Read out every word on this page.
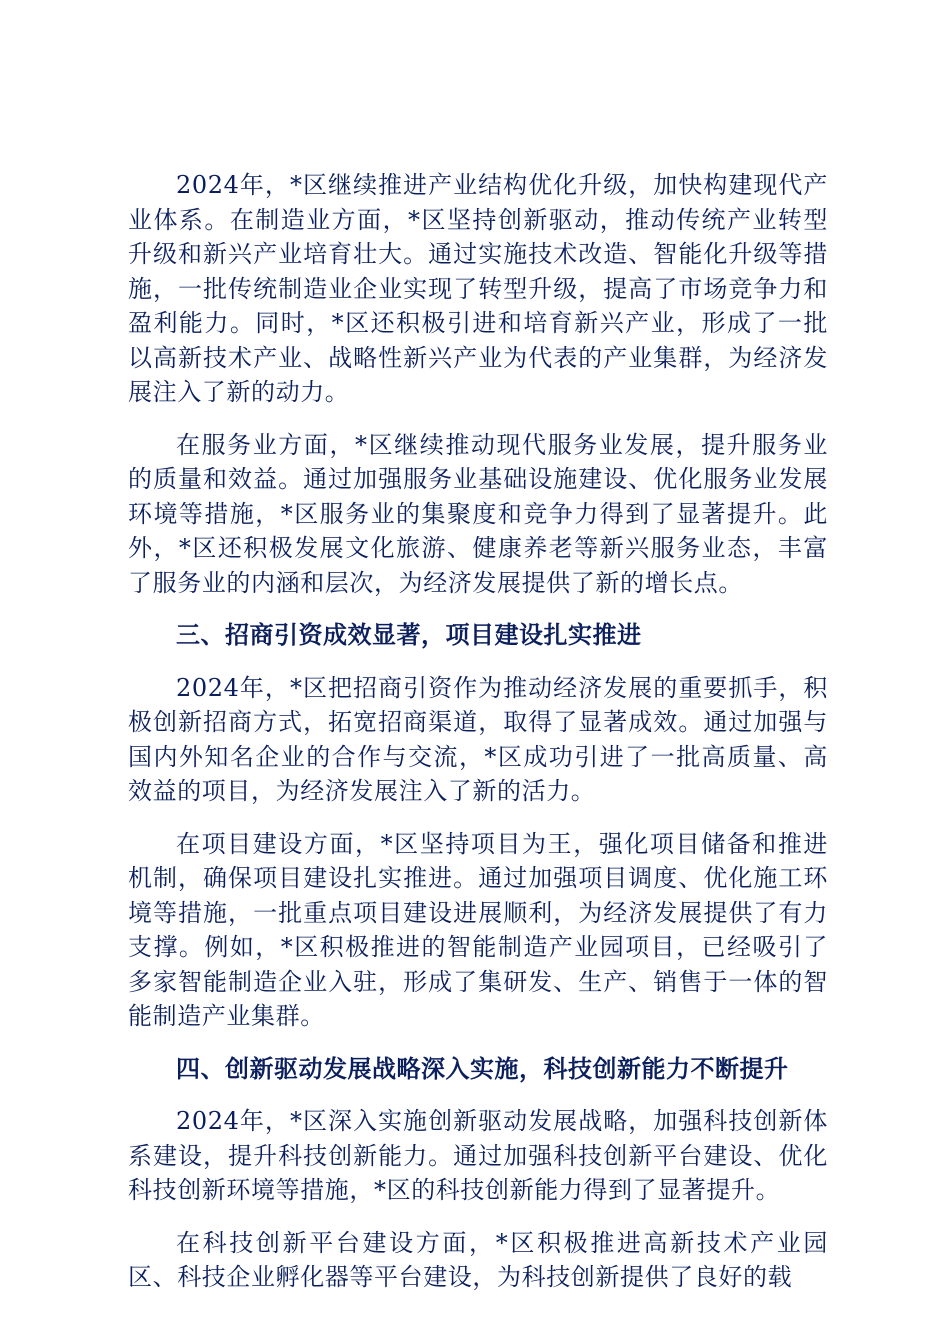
2024年，*区继续推进产业结构优化升级，加快构建现代产业体系。在制造业方面，*区坚持创新驱动，推动传统产业转型升级和新兴产业培育壮大。通过实施技术改造、智能化升级等措施，一批传统制造业企业实现了转型升级，提高了市场竞争力和盈利能力。同时，*区还积极引进和培育新兴产业，形成了一批以高新技术产业、战略性新兴产业为代表的产业集群，为经济发展注入了新的动力。

在服务业方面，*区继续推动现代服务业发展，提升服务业的质量和效益。通过加强服务业基础设施建设、优化服务业发展环境等措施，*区服务业的集聚度和竞争力得到了显著提升。此外，*区还积极发展文化旅游、健康养老等新兴服务业态，丰富了服务业的内涵和层次，为经济发展提供了新的增长点。

三、招商引资成效显著，项目建设扎实推进

2024年，*区把招商引资作为推动经济发展的重要抓手，积极创新招商方式，拓宽招商渠道，取得了显著成效。通过加强与国内外知名企业的合作与交流，*区成功引进了一批高质量、高效益的项目，为经济发展注入了新的活力。

在项目建设方面，*区坚持项目为王，强化项目储备和推进机制，确保项目建设扎实推进。通过加强项目调度、优化施工环境等措施，一批重点项目建设进展顺利，为经济发展提供了有力支撑。例如，*区积极推进的智能制造产业园项目，已经吸引了多家智能制造企业入驻，形成了集研发、生产、销售于一体的智能制造产业集群。

四、创新驱动发展战略深入实施，科技创新能力不断提升

2024年，*区深入实施创新驱动发展战略，加强科技创新体系建设，提升科技创新能力。通过加强科技创新平台建设、优化科技创新环境等措施，*区的科技创新能力得到了显著提升。

在科技创新平台建设方面，*区积极推进高新技术产业园区、科技企业孵化器等平台建设，为科技创新提供了良好的载
